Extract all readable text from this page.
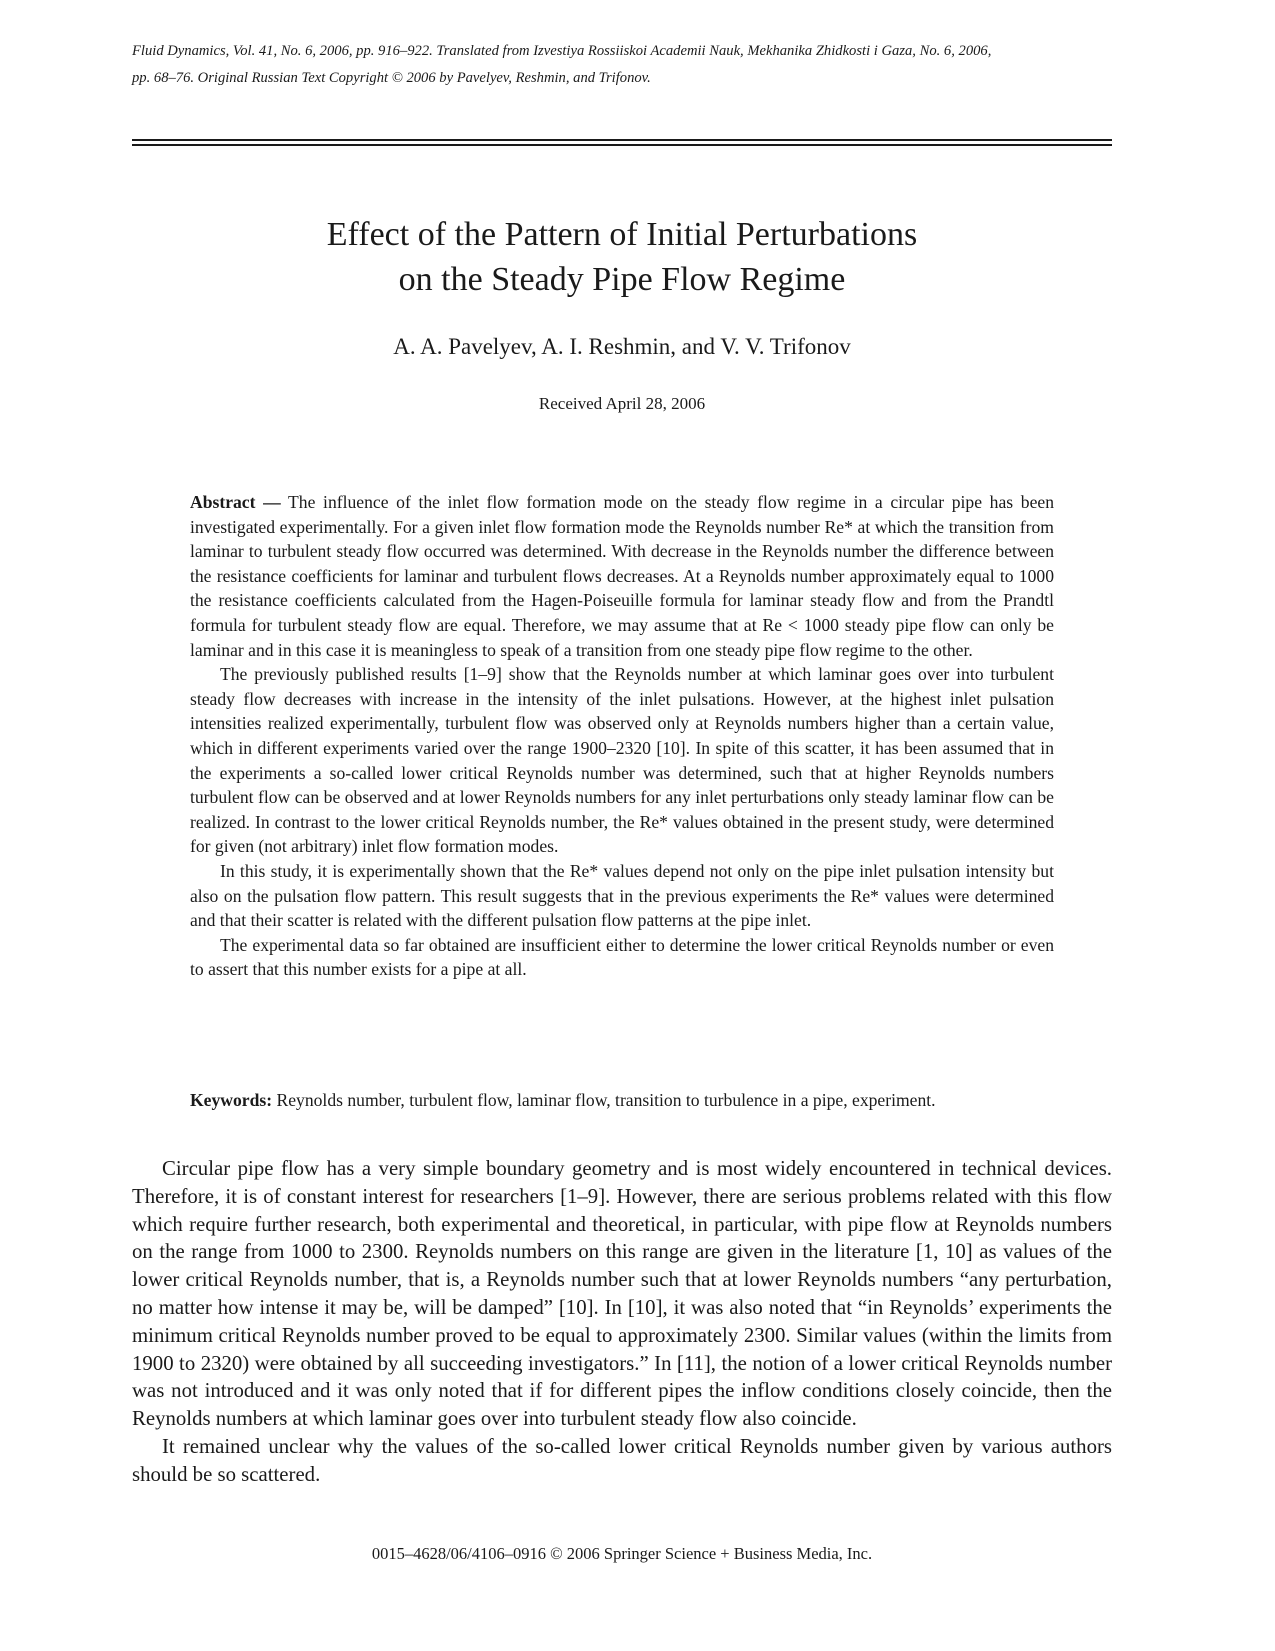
Fluid Dynamics, Vol. 41, No. 6, 2006, pp. 916–922. Translated from Izvestiya Rossiiskoi Academii Nauk, Mekhanika Zhidkosti i Gaza, No. 6, 2006,
pp. 68–76. Original Russian Text Copyright © 2006 by Pavelyev, Reshmin, and Trifonov.

Effect of the Pattern of Initial Perturbations
on the Steady Pipe Flow Regime

A. A. Pavelyev, A. I. Reshmin, and V. V. Trifonov

Received April 28, 2006

Abstract — The influence of the inlet flow formation mode on the steady flow regime in a circular pipe has been investigated experimentally. For a given inlet flow formation mode the Reynolds number Re* at which the transition from laminar to turbulent steady flow occurred was determined. With decrease in the Reynolds number the difference between the resistance coefficients for laminar and turbulent flows decreases. At a Reynolds number approximately equal to 1000 the resistance coefficients calculated from the Hagen-Poiseuille formula for laminar steady flow and from the Prandtl formula for turbulent steady flow are equal. Therefore, we may assume that at Re < 1000 steady pipe flow can only be laminar and in this case it is meaningless to speak of a transition from one steady pipe flow regime to the other.

The previously published results [1–9] show that the Reynolds number at which laminar goes over into turbulent steady flow decreases with increase in the intensity of the inlet pulsations. However, at the highest inlet pulsation intensities realized experimentally, turbulent flow was observed only at Reynolds numbers higher than a certain value, which in different experiments varied over the range 1900–2320 [10]. In spite of this scatter, it has been assumed that in the experiments a so-called lower critical Reynolds number was determined, such that at higher Reynolds numbers turbulent flow can be observed and at lower Reynolds numbers for any inlet perturbations only steady laminar flow can be realized. In contrast to the lower critical Reynolds number, the Re* values obtained in the present study, were determined for given (not arbitrary) inlet flow formation modes.

In this study, it is experimentally shown that the Re* values depend not only on the pipe inlet pulsation intensity but also on the pulsation flow pattern. This result suggests that in the previous experiments the Re* values were determined and that their scatter is related with the different pulsation flow patterns at the pipe inlet.

The experimental data so far obtained are insufficient either to determine the lower critical Reynolds number or even to assert that this number exists for a pipe at all.

Keywords: Reynolds number, turbulent flow, laminar flow, transition to turbulence in a pipe, experiment.

Circular pipe flow has a very simple boundary geometry and is most widely encountered in technical devices. Therefore, it is of constant interest for researchers [1–9]. However, there are serious problems related with this flow which require further research, both experimental and theoretical, in particular, with pipe flow at Reynolds numbers on the range from 1000 to 2300. Reynolds numbers on this range are given in the literature [1, 10] as values of the lower critical Reynolds number, that is, a Reynolds number such that at lower Reynolds numbers “any perturbation, no matter how intense it may be, will be damped” [10]. In [10], it was also noted that “in Reynolds’ experiments the minimum critical Reynolds number proved to be equal to approximately 2300. Similar values (within the limits from 1900 to 2320) were obtained by all succeeding investigators.” In [11], the notion of a lower critical Reynolds number was not introduced and it was only noted that if for different pipes the inflow conditions closely coincide, then the Reynolds numbers at which laminar goes over into turbulent steady flow also coincide.

It remained unclear why the values of the so-called lower critical Reynolds number given by various authors should be so scattered.

0015–4628/06/4106–0916 © 2006 Springer Science + Business Media, Inc.
